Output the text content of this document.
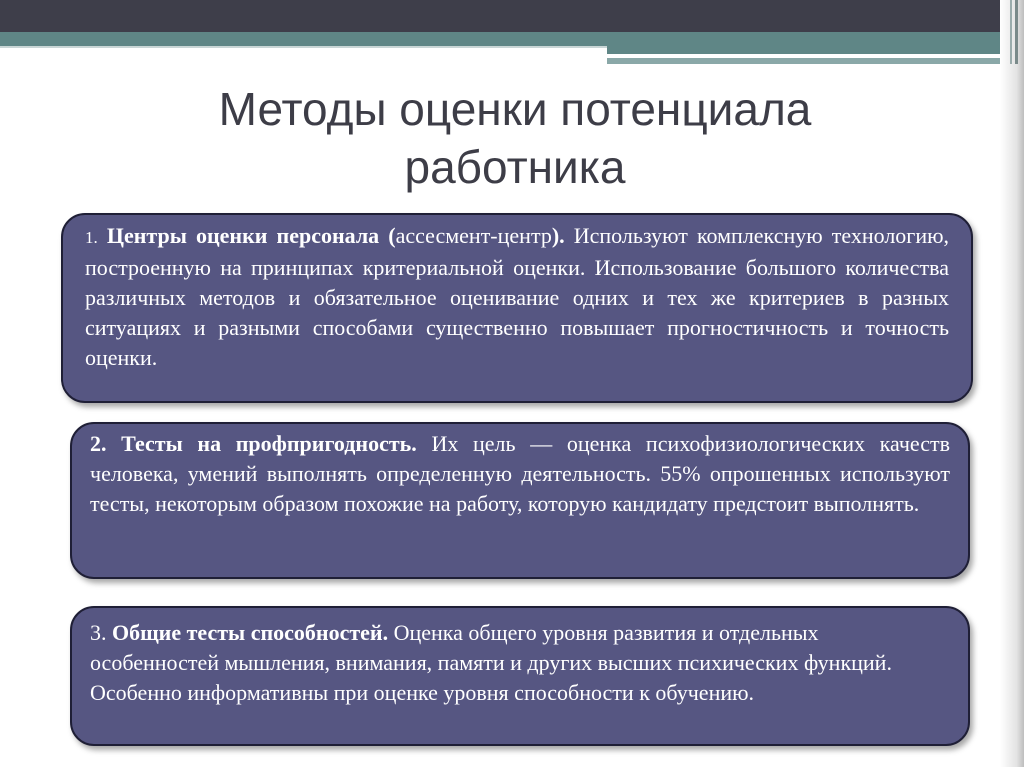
Методы оценки потенциала
работника
1. Центры оценки персонала (ассесмент-центр). Используют комплексную технологию, построенную на принципах критериальной оценки. Использование большого количества различных методов и обязательное оценивание одних и тех же критериев в разных ситуациях и разными способами существенно повышает прогностичность и точность оценки.
2. Тесты на профпригодность. Их цель — оценка психофизиологических качеств человека, умений выполнять определенную деятельность. 55% опрошенных используют тесты, некоторым образом похожие на работу, которую кандидату предстоит выполнять.
3. Общие тесты способностей. Оценка общего уровня развития и отдельных особенностей мышления, внимания, памяти и других высших психических функций. Особенно информативны при оценке уровня способности к обучению.
